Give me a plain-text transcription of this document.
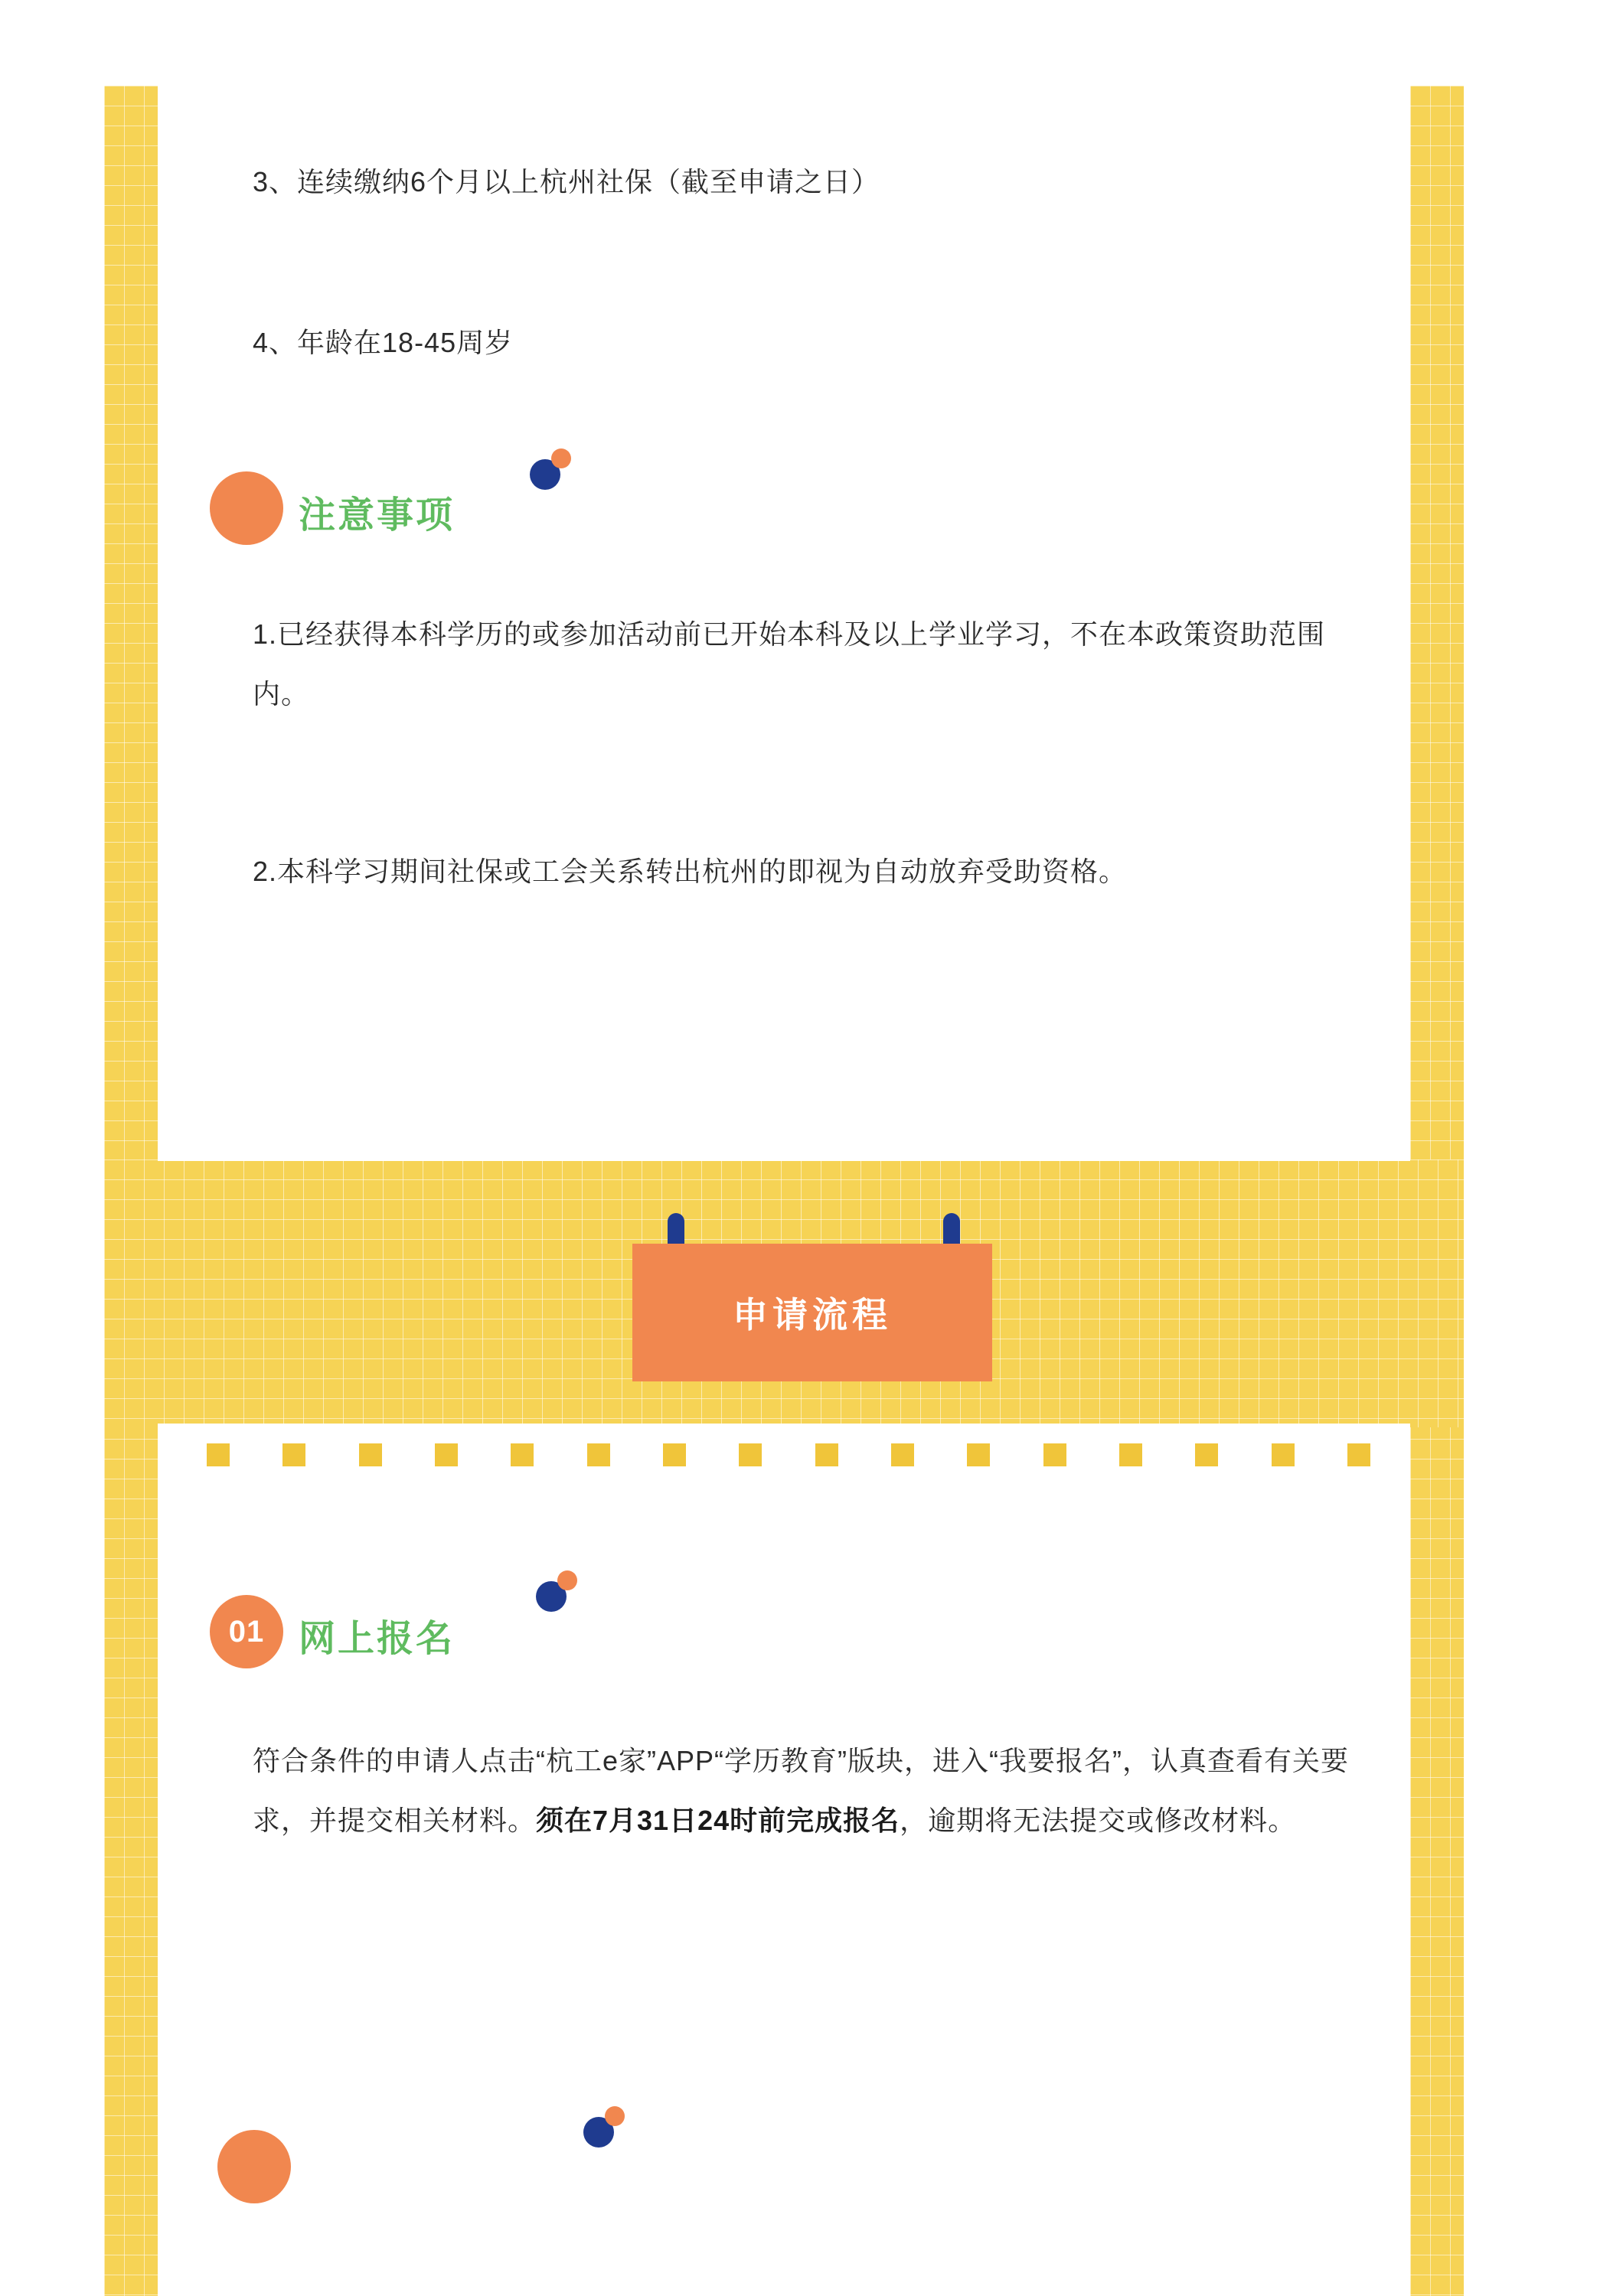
3、连续缴纳6个月以上杭州社保（截至申请之日）
4、年龄在18-45周岁
注意事项
1.已经获得本科学历的或参加活动前已开始本科及以上学业学习，不在本政策资助范围内。
2.本科学习期间社保或工会关系转出杭州的即视为自动放弃受助资格。
申请流程
01 网上报名
符合条件的申请人点击“杭工e家”APP“学历教育”版块，进入“我要报名”，认真查看有关要求，并提交相关材料。须在7月31日24时前完成报名，逾期将无法提交或修改材料。
